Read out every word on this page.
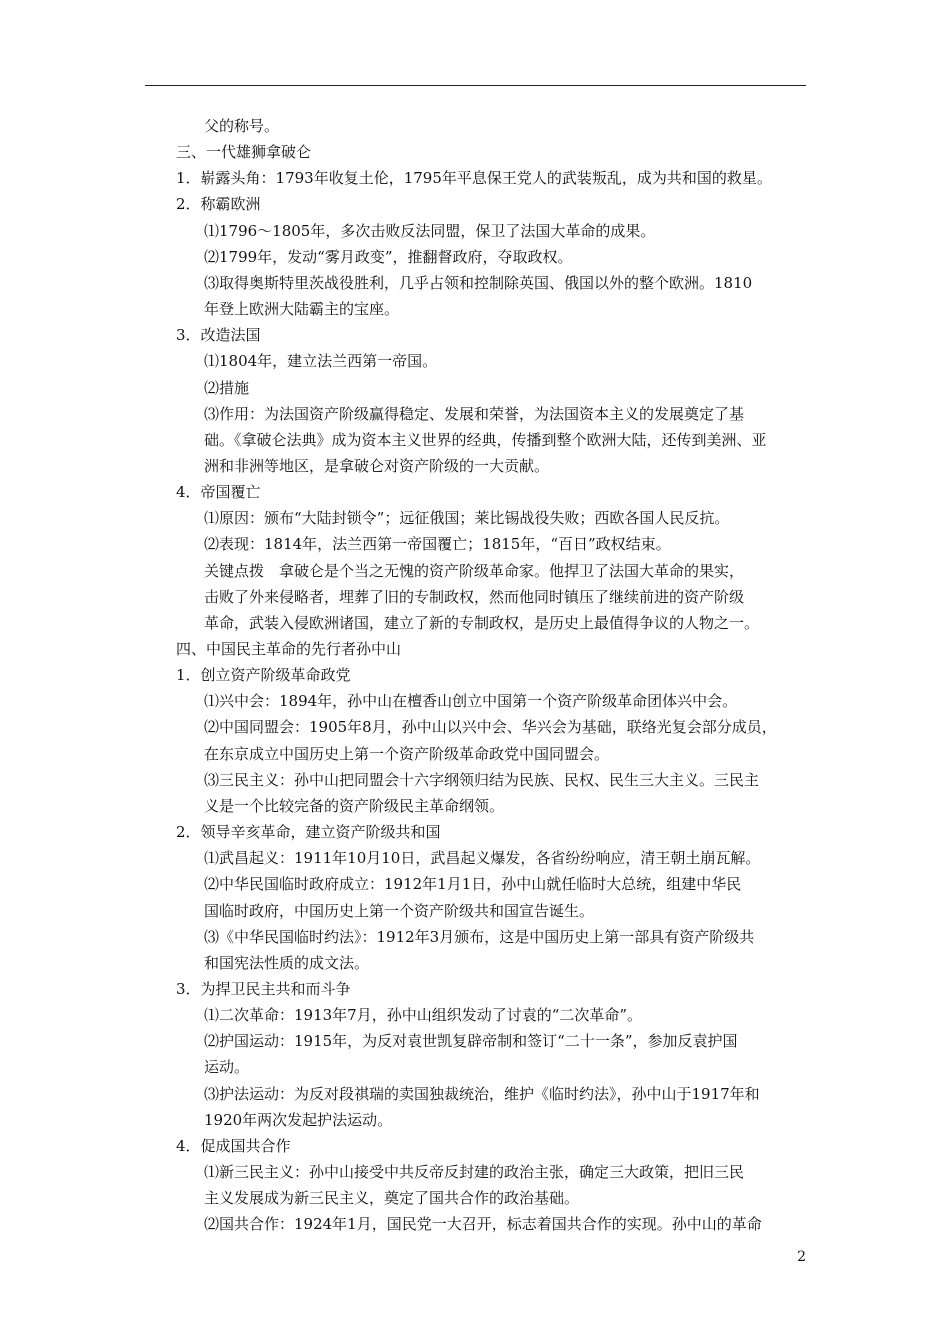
父的称号。
三、一代雄狮拿破仑
1．崭露头角：1793年收复土伦，1795年平息保王党人的武装叛乱，成为共和国的救星。
2．称霸欧洲
⑴1796～1805年，多次击败反法同盟，保卫了法国大革命的成果。
⑵1799年，发动“雾月政变”，推翻督政府，夺取政权。
⑶取得奥斯特里茨战役胜利，几乎占领和控制除英国、俄国以外的整个欧洲。1810
年登上欧洲大陆霸主的宝座。
3．改造法国
⑴1804年，建立法兰西第一帝国。
⑵措施
⑶作用：为法国资产阶级赢得稳定、发展和荣誉，为法国资本主义的发展奠定了基
础。《拿破仑法典》成为资本主义世界的经典，传播到整个欧洲大陆，还传到美洲、亚
洲和非洲等地区，是拿破仑对资产阶级的一大贡献。
4．帝国覆亡
⑴原因：颁布“大陆封锁令”；远征俄国；莱比锡战役失败；西欧各国人民反抗。
⑵表现：1814年，法兰西第一帝国覆亡；1815年，“百日”政权结束。
关键点拨　拿破仑是个当之无愧的资产阶级革命家。他捍卫了法国大革命的果实，
击败了外来侵略者，埋葬了旧的专制政权，然而他同时镇压了继续前进的资产阶级
革命，武装入侵欧洲诸国，建立了新的专制政权，是历史上最值得争议的人物之一。
四、中国民主革命的先行者孙中山
1．创立资产阶级革命政党
⑴兴中会：1894年，孙中山在檀香山创立中国第一个资产阶级革命团体兴中会。
⑵中国同盟会：1905年8月，孙中山以兴中会、华兴会为基础，联络光复会部分成员，
在东京成立中国历史上第一个资产阶级革命政党中国同盟会。
⑶三民主义：孙中山把同盟会十六字纲领归结为民族、民权、民生三大主义。三民主
义是一个比较完备的资产阶级民主革命纲领。
2．领导辛亥革命，建立资产阶级共和国
⑴武昌起义：1911年10月10日，武昌起义爆发，各省纷纷响应，清王朝土崩瓦解。
⑵中华民国临时政府成立：1912年1月1日，孙中山就任临时大总统，组建中华民
国临时政府，中国历史上第一个资产阶级共和国宣告诞生。
⑶《中华民国临时约法》：1912年3月颁布，这是中国历史上第一部具有资产阶级共
和国宪法性质的成文法。
3．为捍卫民主共和而斗争
⑴二次革命：1913年7月，孙中山组织发动了讨袁的“二次革命”。
⑵护国运动：1915年，为反对袁世凯复辟帝制和签订“二十一条”，参加反袁护国
运动。
⑶护法运动：为反对段祺瑞的卖国独裁统治，维护《临时约法》，孙中山于1917年和
1920年两次发起护法运动。
4．促成国共合作
⑴新三民主义：孙中山接受中共反帝反封建的政治主张，确定三大政策，把旧三民
主义发展成为新三民主义，奠定了国共合作的政治基础。
⑵国共合作：1924年1月，国民党一大召开，标志着国共合作的实现。孙中山的革命
2
